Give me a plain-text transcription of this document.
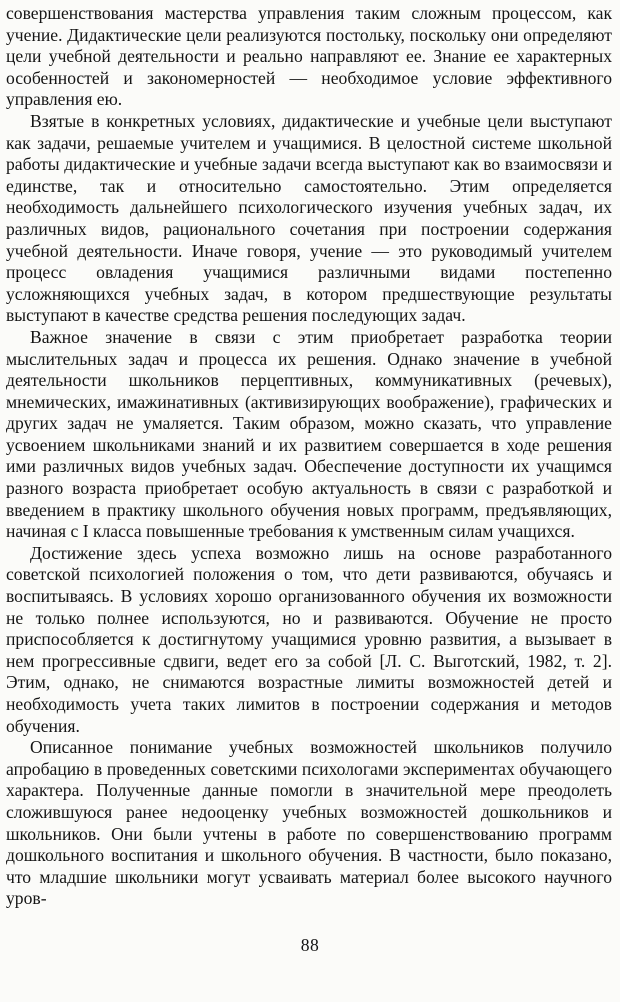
совершенствования мастерства управления таким сложным процессом, как учение. Дидактические цели реализуются постольку, поскольку они определяют цели учебной деятельности и реально направляют ее. Знание ее характерных особенностей и закономерностей — необходимое условие эффективного управления ею.

Взятые в конкретных условиях, дидактические и учебные цели выступают как задачи, решаемые учителем и учащимися. В целостной системе школьной работы дидактические и учебные задачи всегда выступают как во взаимосвязи и единстве, так и относительно самостоятельно. Этим определяется необходимость дальнейшего психологического изучения учебных задач, их различных видов, рационального сочетания при построении содержания учебной деятельности. Иначе говоря, учение — это руководимый учителем процесс овладения учащимися различными видами постепенно усложняющихся учебных задач, в котором предшествующие результаты выступают в качестве средства решения последующих задач.

Важное значение в связи с этим приобретает разработка теории мыслительных задач и процесса их решения. Однако значение в учебной деятельности школьников перцептивных, коммуникативных (речевых), мнемических, имажинативных (активизирующих воображение), графических и других задач не умаляется. Таким образом, можно сказать, что управление усвоением школьниками знаний и их развитием совершается в ходе решения ими различных видов учебных задач. Обеспечение доступности их учащимся разного возраста приобретает особую актуальность в связи с разработкой и введением в практику школьного обучения новых программ, предъявляющих, начиная с I класса повышенные требования к умственным силам учащихся.

Достижение здесь успеха возможно лишь на основе разработанного советской психологией положения о том, что дети развиваются, обучаясь и воспитываясь. В условиях хорошо организованного обучения их возможности не только полнее используются, но и развиваются. Обучение не просто приспособляется к достигнутому учащимися уровню развития, а вызывает в нем прогрессивные сдвиги, ведет его за собой [Л. С. Выготский, 1982, т. 2]. Этим, однако, не снимаются возрастные лимиты возможностей детей и необходимость учета таких лимитов в построении содержания и методов обучения.

Описанное понимание учебных возможностей школьников получило апробацию в проведенных советскими психологами экспериментах обучающего характера. Полученные данные помогли в значительной мере преодолеть сложившуюся ранее недооценку учебных возможностей дошкольников и школьников. Они были учтены в работе по совершенствованию программ дошкольного воспитания и школьного обучения. В частности, было показано, что младшие школьники могут усваивать материал более высокого научного уров-

88
